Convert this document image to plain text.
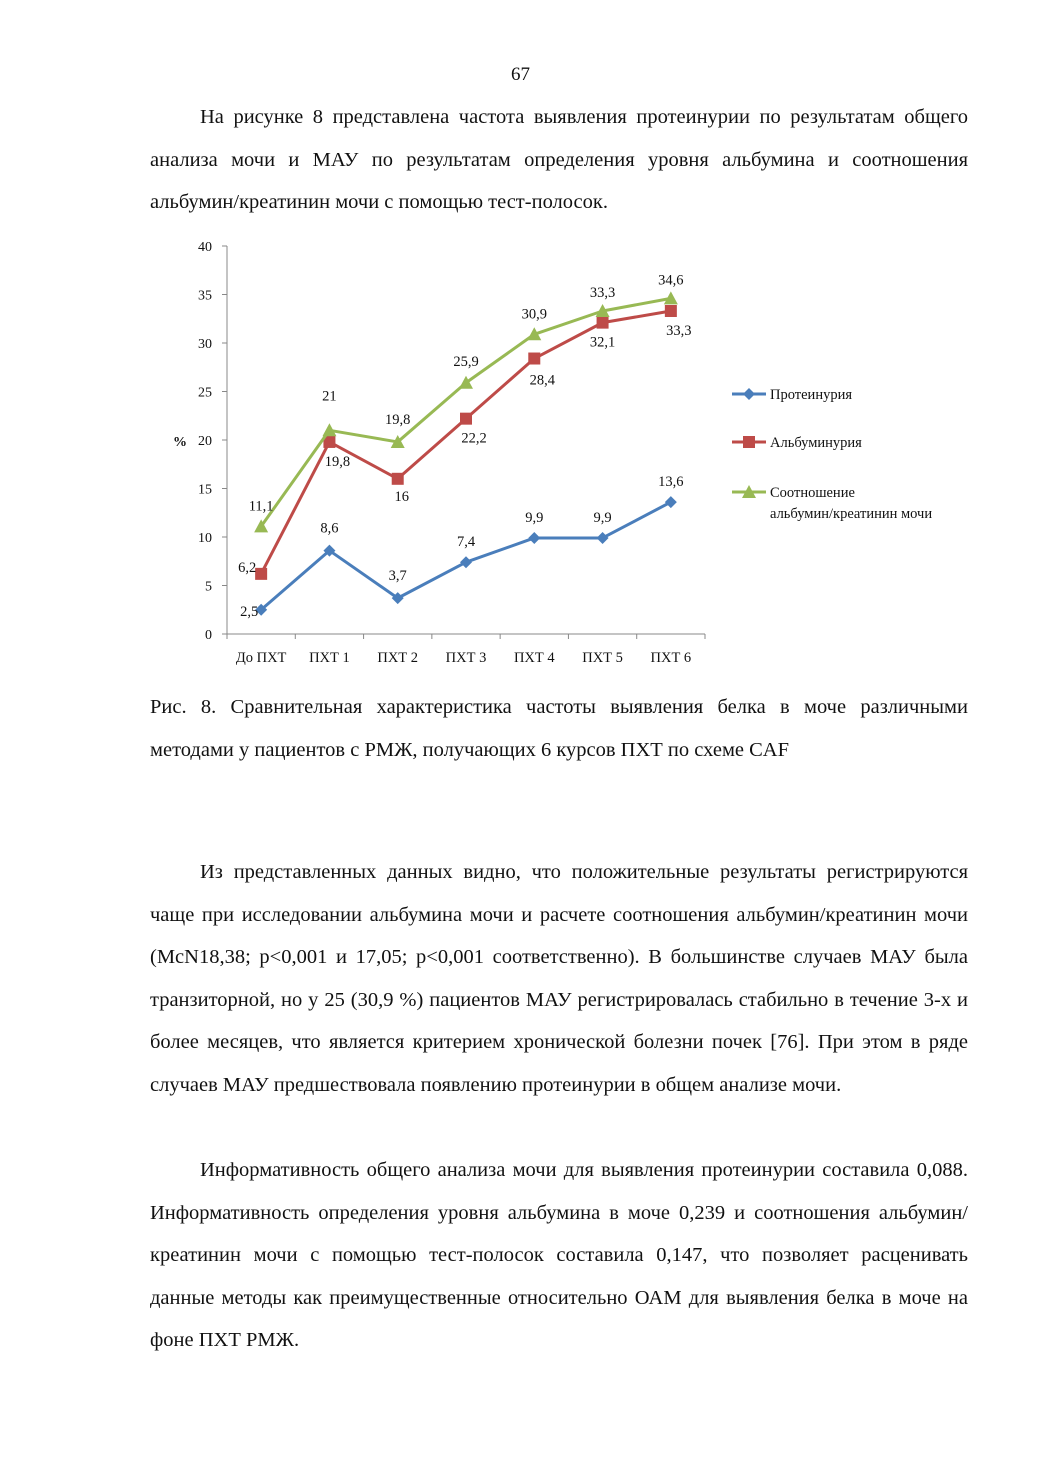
67

На рисунке 8 представлена частота выявления протеинурии по результатам общего анализа мочи и МАУ по результатам определения уровня альбумина и соотношения альбумин/креатинин мочи с помощью тест-полосок.

0
5
10
15
20
25
30
35
40
%
До ПХТ ПХТ 1 ПХТ 2 ПХТ 3 ПХТ 4 ПХТ 5 ПХТ 6
2,5
8,6
3,7
7,4
9,9	9,9
13,6
6,2
19,8
16
22,2
28,4
32,1
33,3
11,1
21
19,8
25,9
30,9
33,3
34,6
Протеинурия
Альбуминурия
Соотношение
альбумин/креатинин мочи

Рис. 8. Сравнительная характеристика частоты выявления белка в моче различными методами у пациентов с РМЖ, получающих 6 курсов ПХТ по схеме CAF

Из представленных данных видно, что положительные результаты регистрируются чаще при исследовании альбумина мочи и расчете соотношения альбумин/креатинин мочи (McN18,38; p<0,001 и 17,05; p<0,001 соответственно). В большинстве случаев МАУ была транзиторной, но у 25 (30,9 %) пациентов МАУ регистрировалась стабильно в течение 3-х и более месяцев, что является критерием хронической болезни почек [76]. При этом в ряде случаев МАУ предшествовала появлению протеинурии в общем анализе мочи.

Информативность общего анализа мочи для выявления протеинурии составила 0,088. Информативность определения уровня альбумина в моче 0,239 и соотношения альбумин/креатинин мочи с помощью тест-полосок составила 0,147, что позволяет расценивать данные методы как преимущественные относительно ОАМ для выявления белка в моче на фоне ПХТ РМЖ.
